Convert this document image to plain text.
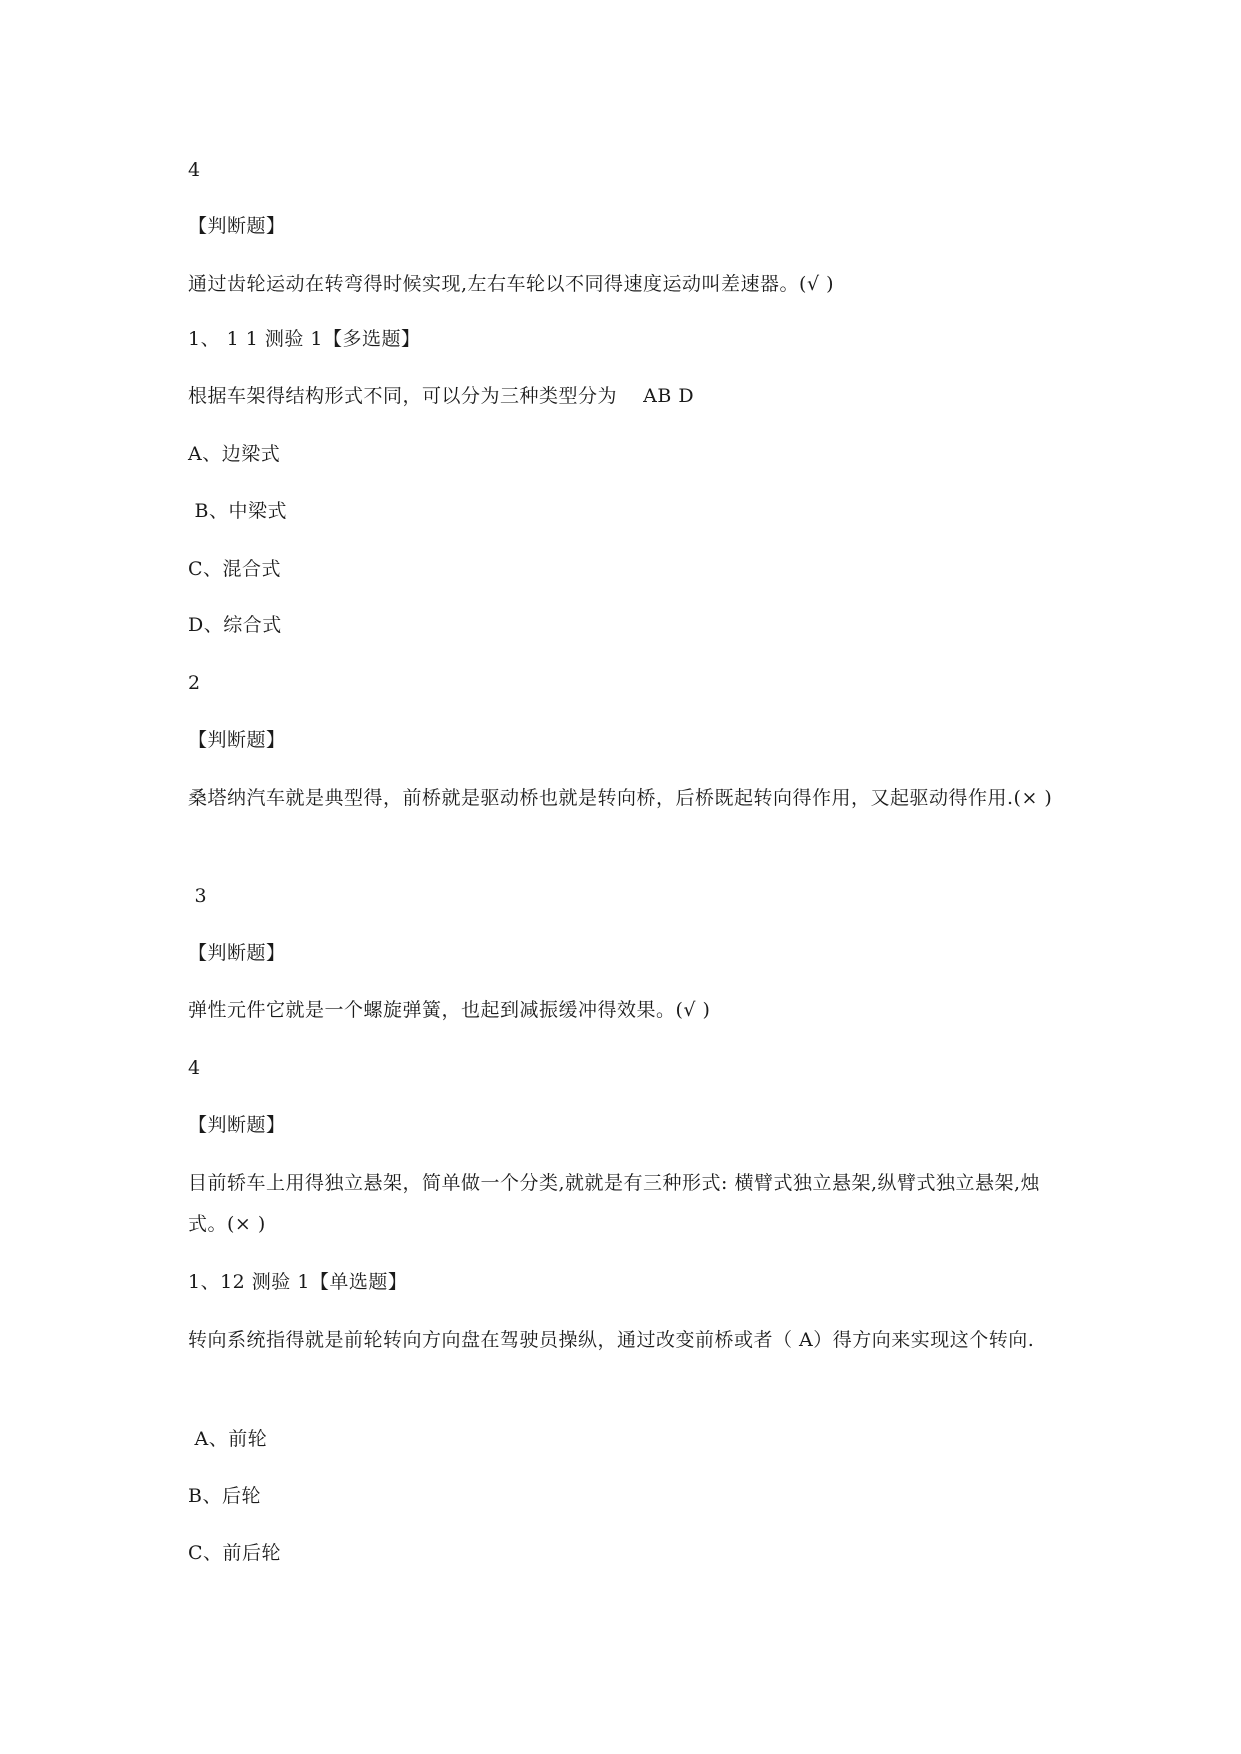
4

【判断题】

通过齿轮运动在转弯得时候实现,左右车轮以不同得速度运动叫差速器。(√ )

1、 1 1 测验 1【多选题】

根据车架得结构形式不同，可以分为三种类型分为    AB D

A、边梁式

B、中梁式

C、混合式

D、综合式

2

【判断题】

桑塔纳汽车就是典型得，前桥就是驱动桥也就是转向桥，后桥既起转向得作用，又起驱动得作用.(× )

3

【判断题】

弹性元件它就是一个螺旋弹簧，也起到减振缓冲得效果。(√ )

4

【判断题】

目前轿车上用得独立悬架，简单做一个分类,就就是有三种形式: 横臂式独立悬架,纵臂式独立悬架,烛式。(× )

1、12 测验 1【单选题】

转向系统指得就是前轮转向方向盘在驾驶员操纵，通过改变前桥或者（ A）得方向来实现这个转向.

A、前轮

B、后轮

C、前后轮
